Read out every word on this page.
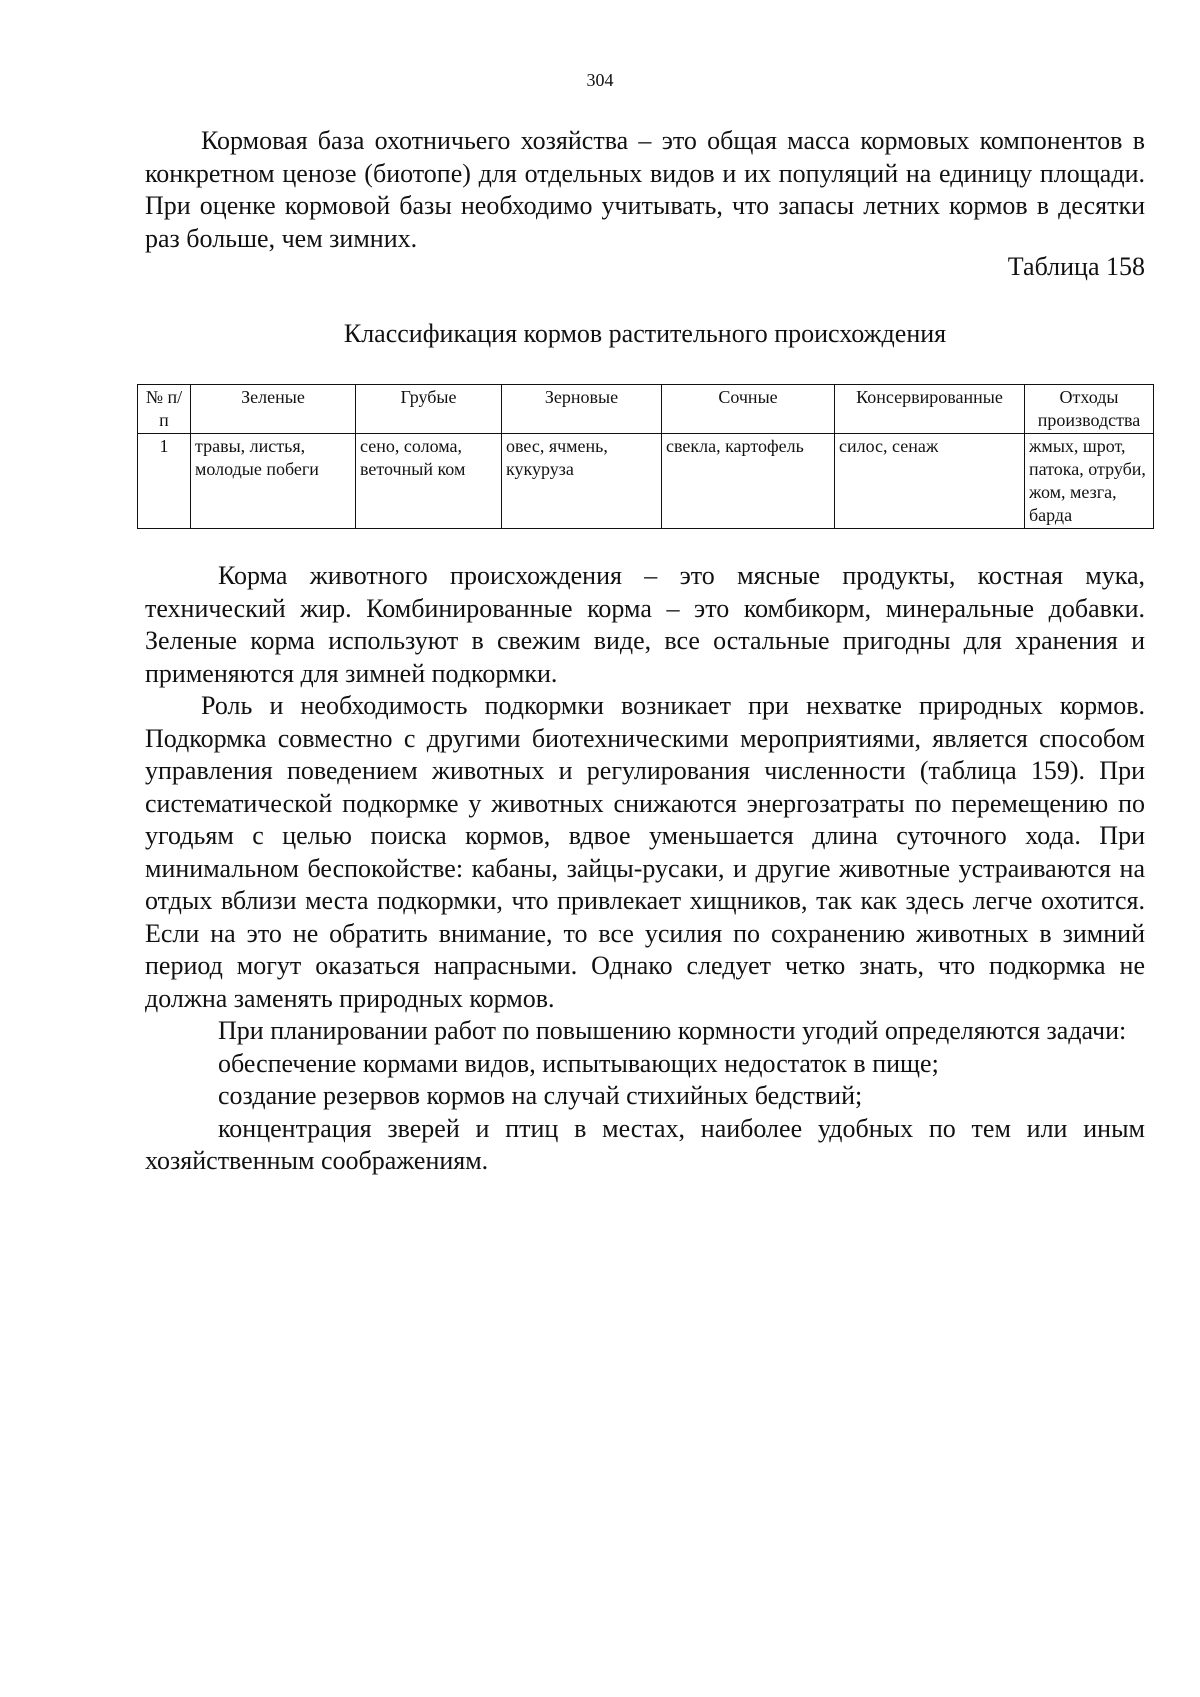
304

Кормовая база охотничьего хозяйства – это общая масса кормовых компонентов в конкретном ценозе (биотопе) для отдельных видов и их популяций на единицу площади. При оценке кормовой базы необходимо учитывать, что запасы летних кормов в десятки раз больше, чем зимних.

Таблица 158
Классификация кормов растительного происхождения
№ п/п	Зеленые	Грубые	Зерновые	Сочные	Консервированные	Отходы производства
1	травы, листья, молодые побеги	сено, солома, веточный ком	овес, ячмень, кукуруза	свекла, картофель	силос, сенаж	жмых, шрот, патока, отруби, жом, мезга, барда

Корма животного происхождения – это мясные продукты, костная мука, технический жир. Комбинированные корма – это комбикорм, минеральные добавки. Зеленые корма используют в свежим виде, все остальные пригодны для хранения и применяются для зимней подкормки.

Роль и необходимость подкормки возникает при нехватке природных кормов. Подкормка совместно с другими биотехническими мероприятиями, является способом управления поведением животных и регулирования численности (таблица 159). При систематической подкормке у животных снижаются энергозатраты по перемещению по угодьям с целью поиска кормов, вдвое уменьшается длина суточного хода. При минимальном беспокойстве: кабаны, зайцы-русаки, и другие животные устраиваются на отдых вблизи места подкормки, что привлекает хищников, так как здесь легче охотится. Если на это не обратить внимание, то все усилия по сохранению животных в зимний период могут оказаться напрасными. Однако следует четко знать, что подкормка не должна заменять природных кормов.

При планировании работ по повышению кормности угодий определяются задачи:

обеспечение кормами видов, испытывающих недостаток в пище;

создание резервов кормов на случай стихийных бедствий;

концентрация зверей и птиц в местах, наиболее удобных по тем или иным хозяйственным соображениям.
